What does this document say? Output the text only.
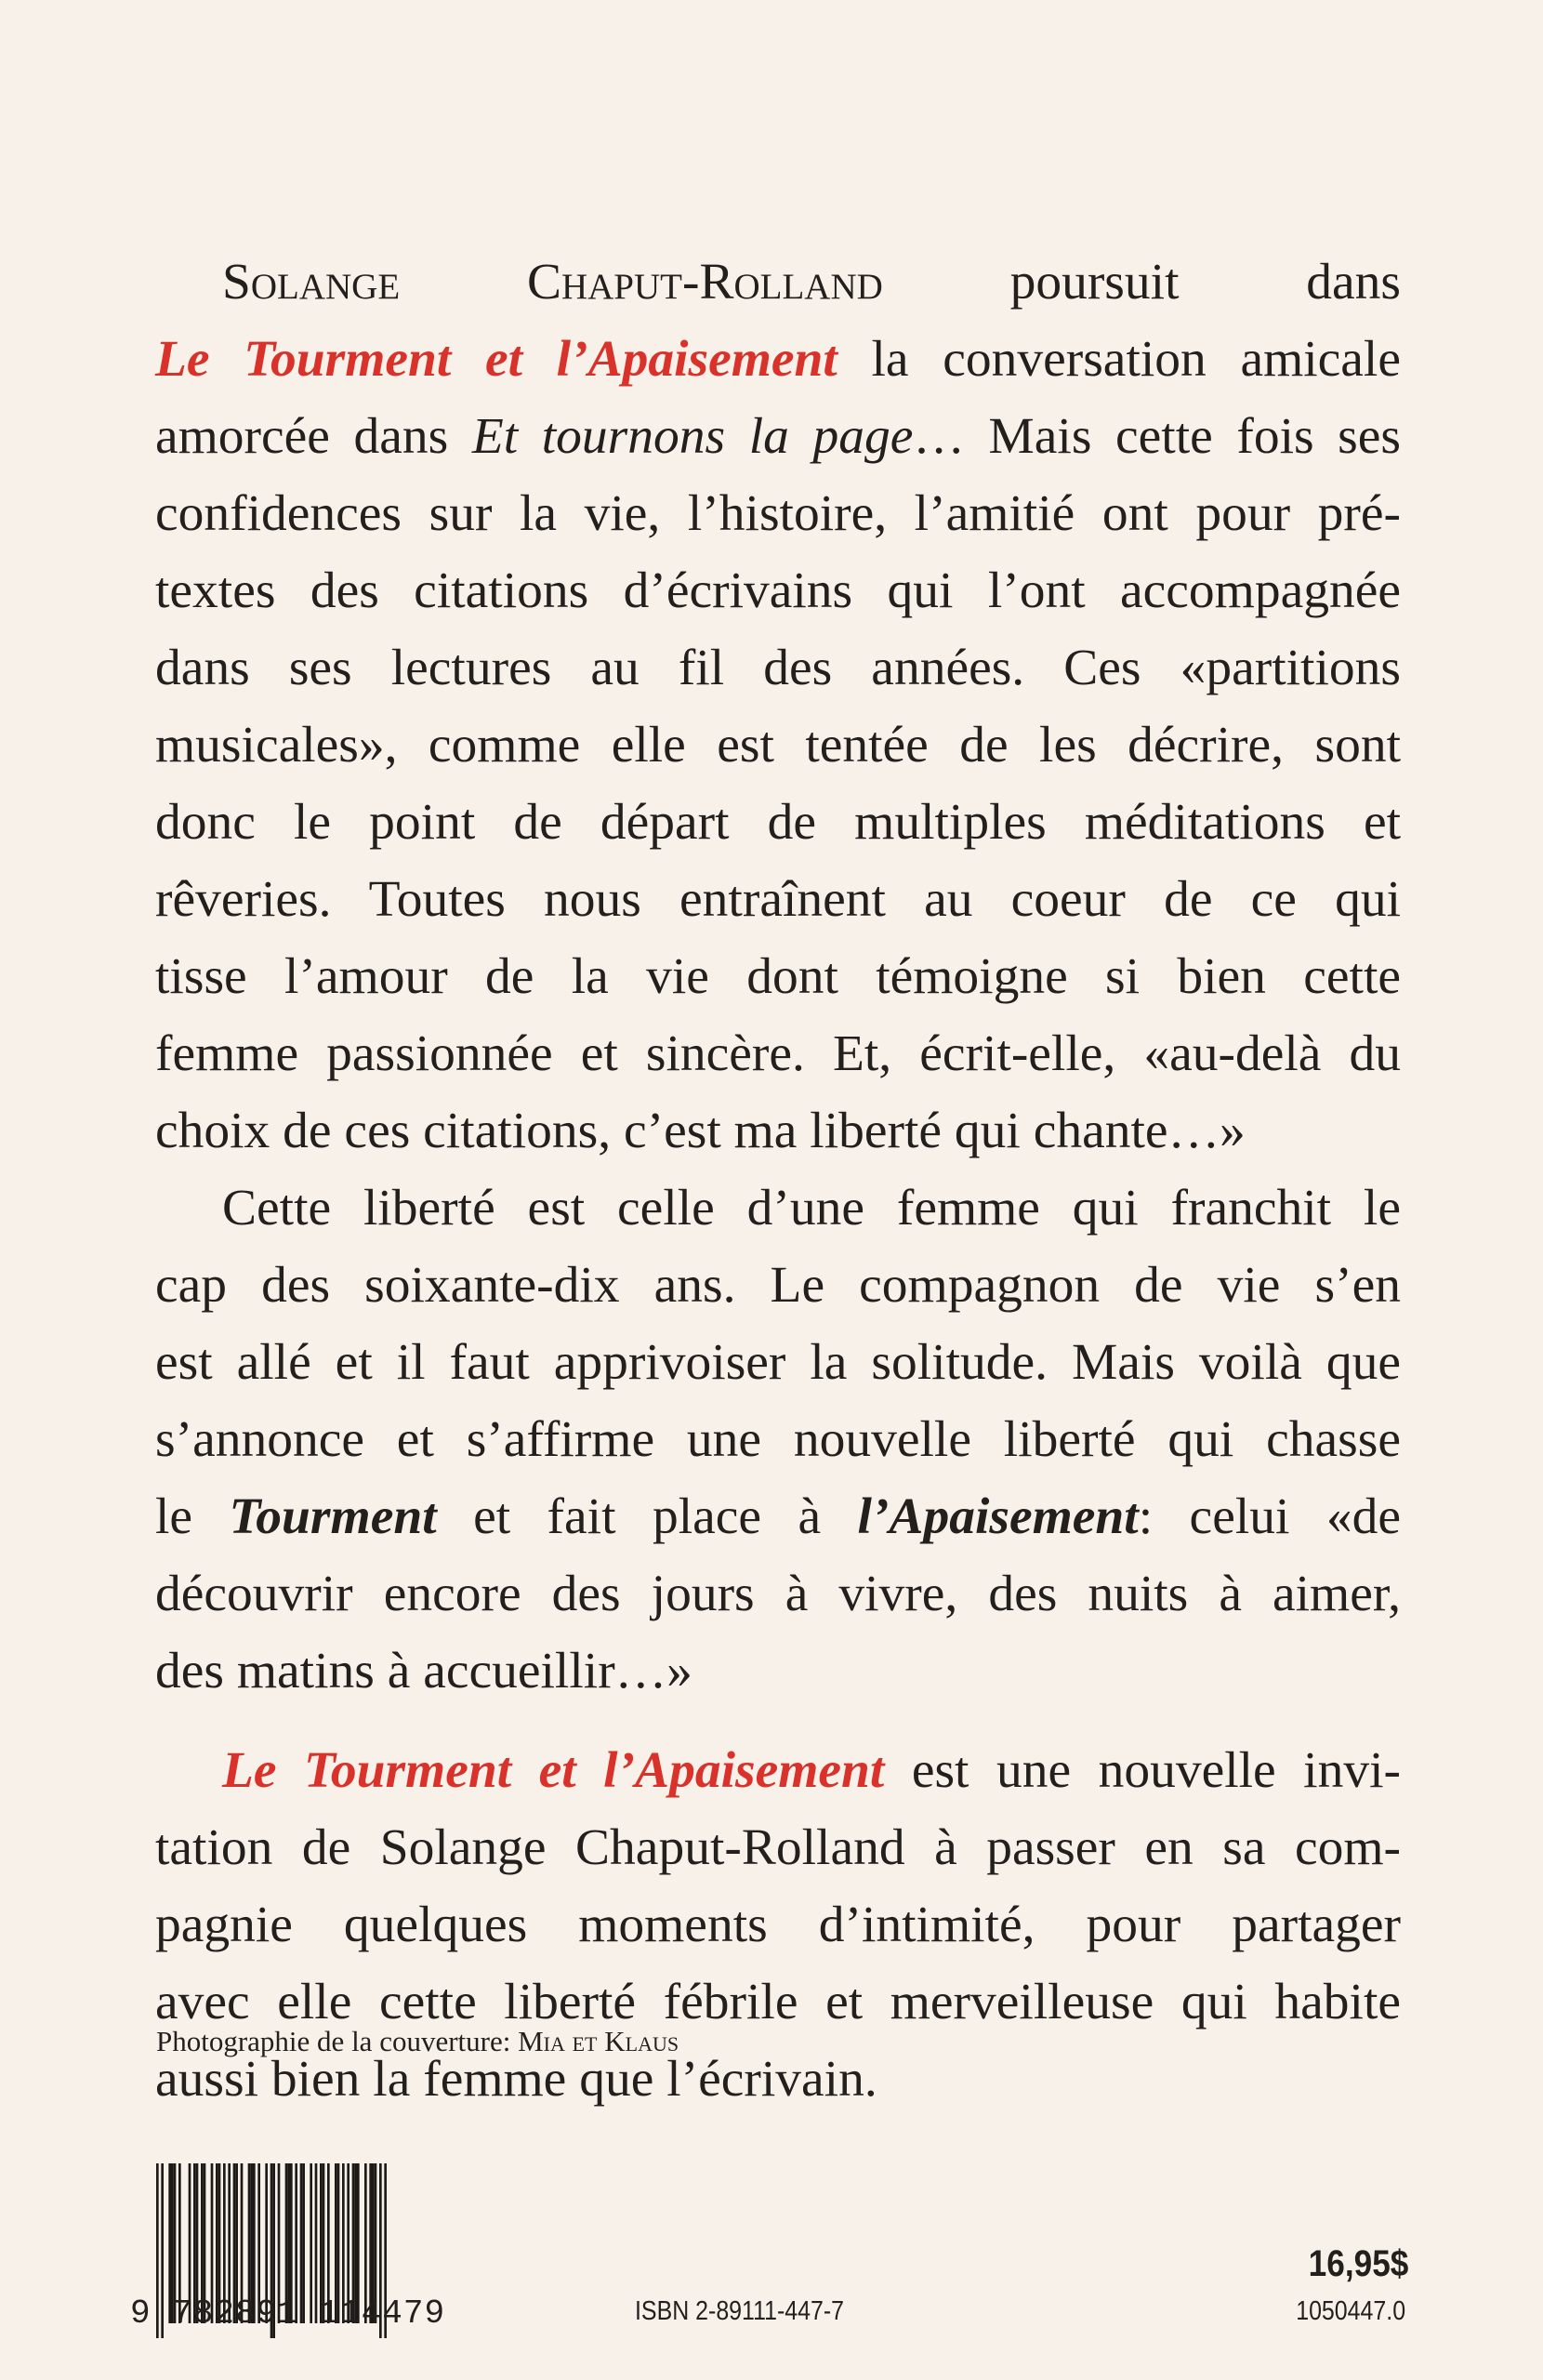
Solange Chaput-Rolland poursuit dans
Le Tourment et l’Apaisement la conversation amicale
amorcée dans Et tournons la page… Mais cette fois ses
confidences sur la vie, l’histoire, l’amitié ont pour pré-
textes des citations d’écrivains qui l’ont accompagnée
dans ses lectures au fil des années. Ces «partitions
musicales», comme elle est tentée de les décrire, sont
donc le point de départ de multiples méditations et
rêveries. Toutes nous entraînent au coeur de ce qui
tisse l’amour de la vie dont témoigne si bien cette
femme passionnée et sincère. Et, écrit-elle, «au-delà du
choix de ces citations, c’est ma liberté qui chante…»
Cette liberté est celle d’une femme qui franchit le
cap des soixante-dix ans. Le compagnon de vie s’en
est allé et il faut apprivoiser la solitude. Mais voilà que
s’annonce et s’affirme une nouvelle liberté qui chasse
le Tourment et fait place à l’Apaisement: celui «de
découvrir encore des jours à vivre, des nuits à aimer,
des matins à accueillir…»
Le Tourment et l’Apaisement est une nouvelle invi-
tation de Solange Chaput-Rolland à passer en sa com-
pagnie quelques moments d’intimité, pour partager
avec elle cette liberté fébrile et merveilleuse qui habite
aussi bien la femme que l’écrivain.
Photographie de la couverture: Mia et Klaus
9 782891 114479	ISBN 2-89111-447-7
16,95$
1050447.0
